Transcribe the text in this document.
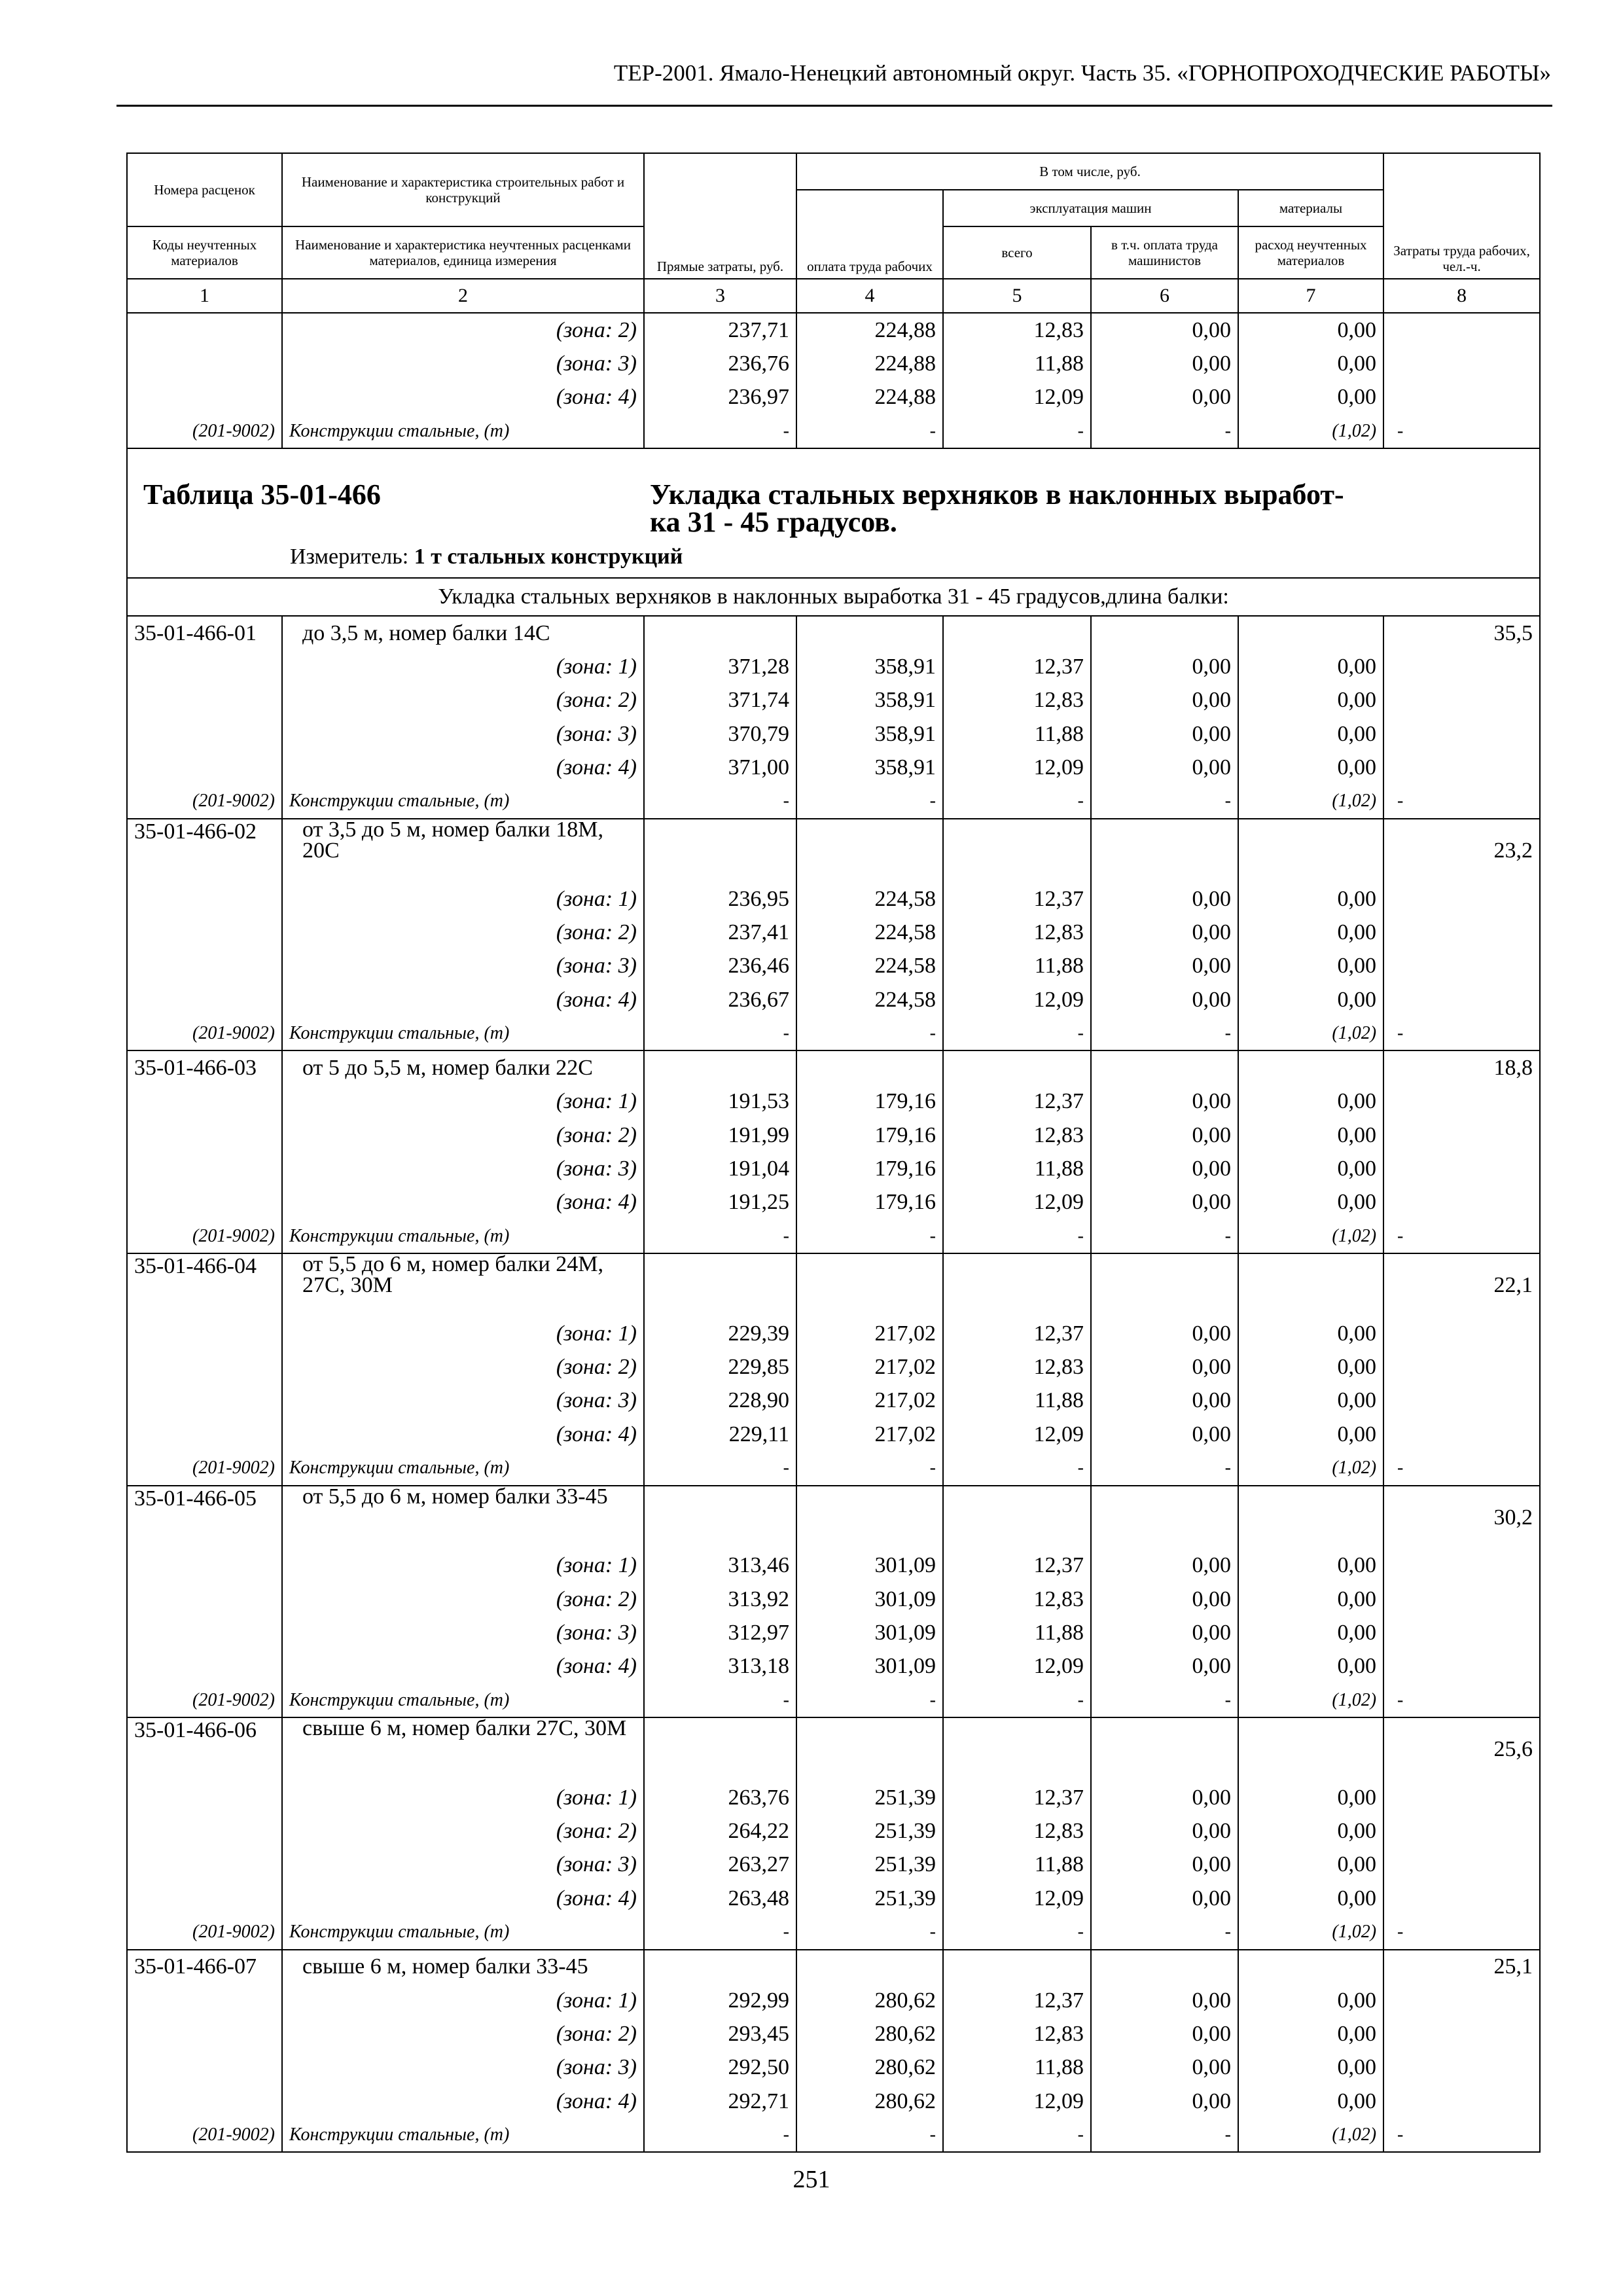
ТЕР-2001. Ямало-Ненецкий автономный округ. Часть 35. «ГОРНОПРОХОДЧЕСКИЕ РАБОТЫ»
Номера расценок	Наименование и характеристика строительных работ и конструкций	Прямые затраты, руб.	В том числе, руб.				Затраты труда рабочих, чел.-ч.
			оплата труда рабочих	эксплуатация машин		материалы	
Коды неучтенных материалов	Наименование и характеристика неучтенных расценками материалов, единица измерения			всего	в т.ч. оплата труда машинистов	расход неучтенных материалов	
1	2	3	4	5	6	7	8
	(зона: 2)	237,71	224,88	12,83	0,00	0,00	
	(зона: 3)	236,76	224,88	11,88	0,00	0,00	
	(зона: 4)	236,97	224,88	12,09	0,00	0,00	
(201-9002)	Конструкции стальные, (т)	-	-	-	-	(1,02)	-

Таблица 35-01-466 Укладка стальных верхняков в наклонных выработ-
ка 31 - 45 градусов.
Измеритель: 1 т стальных конструкций							

Укладка стальных верхняков в наклонных выработка 31 - 45 градусов,длина балки:							
35-01-466-01	до 3,5 м, номер балки 14С						35,5
	(зона: 1)	371,28	358,91	12,37	0,00	0,00	
	(зона: 2)	371,74	358,91	12,83	0,00	0,00	
	(зона: 3)	370,79	358,91	11,88	0,00	0,00	
	(зона: 4)	371,00	358,91	12,09	0,00	0,00	
(201-9002)	Конструкции стальные, (т)	-	-	-	-	(1,02)	-
35-01-466-02	от 3,5 до 5 м, номер балки 18М, 20С						23,2
	(зона: 1)	236,95	224,58	12,37	0,00	0,00	
	(зона: 2)	237,41	224,58	12,83	0,00	0,00	
	(зона: 3)	236,46	224,58	11,88	0,00	0,00	
	(зона: 4)	236,67	224,58	12,09	0,00	0,00	
(201-9002)	Конструкции стальные, (т)	-	-	-	-	(1,02)	-
35-01-466-03	от 5 до 5,5 м, номер балки 22С						18,8
	(зона: 1)	191,53	179,16	12,37	0,00	0,00	
	(зона: 2)	191,99	179,16	12,83	0,00	0,00	
	(зона: 3)	191,04	179,16	11,88	0,00	0,00	
	(зона: 4)	191,25	179,16	12,09	0,00	0,00	
(201-9002)	Конструкции стальные, (т)	-	-	-	-	(1,02)	-
35-01-466-04	от 5,5 до 6 м, номер балки 24М, 27С, 30М						22,1
	(зона: 1)	229,39	217,02	12,37	0,00	0,00	
	(зона: 2)	229,85	217,02	12,83	0,00	0,00	
	(зона: 3)	228,90	217,02	11,88	0,00	0,00	
	(зона: 4)	229,11	217,02	12,09	0,00	0,00	
(201-9002)	Конструкции стальные, (т)	-	-	-	-	(1,02)	-
35-01-466-05	от 5,5 до 6 м, номер балки 33-45						30,2
	(зона: 1)	313,46	301,09	12,37	0,00	0,00	
	(зона: 2)	313,92	301,09	12,83	0,00	0,00	
	(зона: 3)	312,97	301,09	11,88	0,00	0,00	
	(зона: 4)	313,18	301,09	12,09	0,00	0,00	
(201-9002)	Конструкции стальные, (т)	-	-	-	-	(1,02)	-
35-01-466-06	свыше 6 м, номер балки 27С, 30М						25,6
	(зона: 1)	263,76	251,39	12,37	0,00	0,00	
	(зона: 2)	264,22	251,39	12,83	0,00	0,00	
	(зона: 3)	263,27	251,39	11,88	0,00	0,00	
	(зона: 4)	263,48	251,39	12,09	0,00	0,00	
(201-9002)	Конструкции стальные, (т)	-	-	-	-	(1,02)	-
35-01-466-07	свыше 6 м, номер балки 33-45						25,1
	(зона: 1)	292,99	280,62	12,37	0,00	0,00	
	(зона: 2)	293,45	280,62	12,83	0,00	0,00	
	(зона: 3)	292,50	280,62	11,88	0,00	0,00	
	(зона: 4)	292,71	280,62	12,09	0,00	0,00	
(201-9002)	Конструкции стальные, (т)	-	-	-	-	(1,02)	-
251
